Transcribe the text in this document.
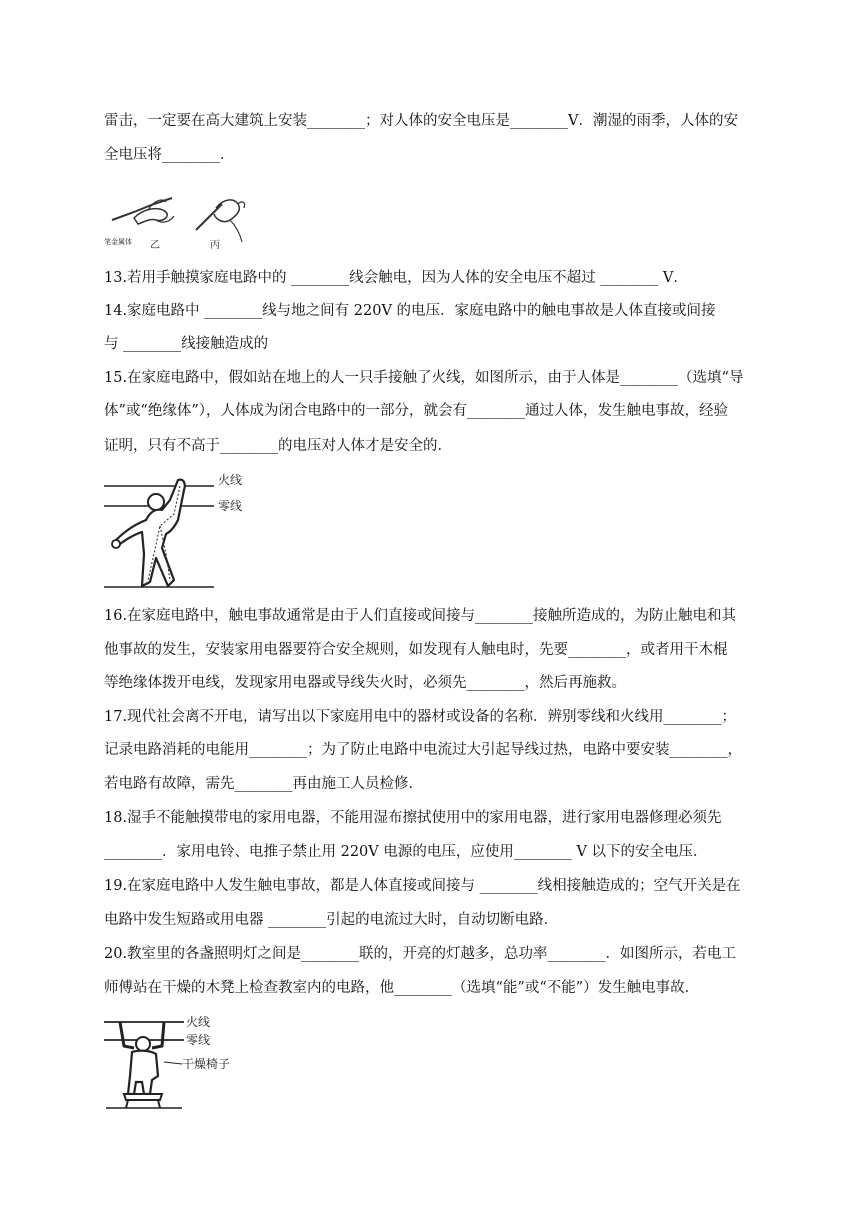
雷击，一定要在高大建筑上安装________；对人体的安全电压是________V．潮湿的雨季，人体的安
全电压将________．
笔金属体 乙	丙
13.若用手触摸家庭电路中的 ________线会触电，因为人体的安全电压不超过 ________ V．
14.家庭电路中 ________线与地之间有 220V 的电压．家庭电路中的触电事故是人体直接或间接
与 ________线接触造成的
15.在家庭电路中，假如站在地上的人一只手接触了火线，如图所示，由于人体是________（选填“导
体”或“绝缘体”），人体成为闭合电路中的一部分，就会有________通过人体，发生触电事故，经验
证明，只有不高于________的电压对人体才是安全的．
火线
零线
16.在家庭电路中，触电事故通常是由于人们直接或间接与________接触所造成的，为防止触电和其
他事故的发生，安装家用电器要符合安全规则，如发现有人触电时，先要________，或者用干木棍
等绝缘体拨开电线，发现家用电器或导线失火时，必须先________，然后再施救。
17.现代社会离不开电，请写出以下家庭用电中的器材或设备的名称．辨别零线和火线用________；
记录电路消耗的电能用________；为了防止电路中电流过大引起导线过热，电路中要安装________，
若电路有故障，需先________再由施工人员检修．
18.湿手不能触摸带电的家用电器，不能用湿布擦拭使用中的家用电器，进行家用电器修理必须先
________．家用电铃、电推子禁止用 220V 电源的电压，应使用________ V 以下的安全电压．
19.在家庭电路中人发生触电事故，都是人体直接或间接与 ________线相接触造成的；空气开关是在
电路中发生短路或用电器 ________引起的电流过大时，自动切断电路．
20.教室里的各盏照明灯之间是________联的，开亮的灯越多，总功率________．如图所示，若电工
师傅站在干燥的木凳上检查教室内的电路，他________（选填“能”或“不能”）发生触电事故．
火线
零线
干燥椅子
